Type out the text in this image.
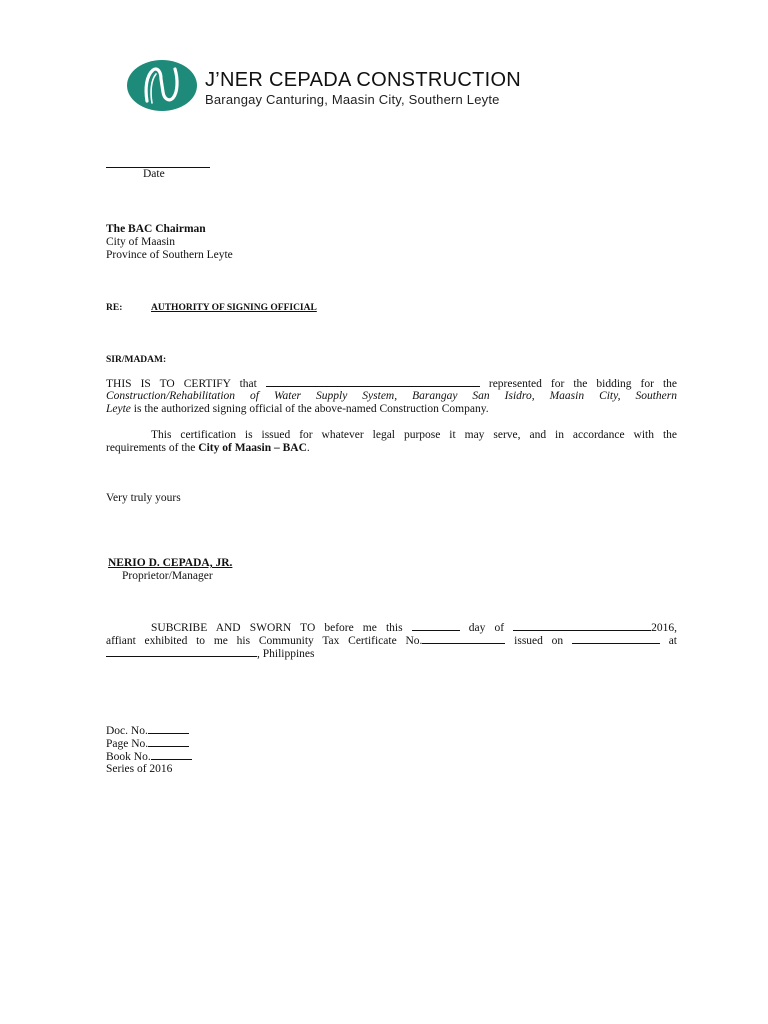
J’NER CEPADA CONSTRUCTION
Barangay Canturing, Maasin City, Southern Leyte
Date
The BAC Chairman
City of Maasin
Province of Southern Leyte
RE:	AUTHORITY OF SIGNING OFFICIAL
SIR/MADAM:
THIS IS TO CERTIFY that	represented for the bidding for the
Construction/Rehabilitation of Water Supply System, Barangay San Isidro, Maasin City, Southern
Leyte is the authorized signing official of the above-named Construction Company.
This certification is issued for whatever legal purpose it may serve, and in accordance with the
requirements of the City of Maasin – BAC.
Very truly yours
NERIO D. CEPADA, JR.
Proprietor/Manager
SUBCRIBE AND SWORN TO before me this	day of	2016,
affiant exhibited to me his Community Tax Certificate No.	issued on	at
, Philippines
Doc. No.
Page No.
Book No.
Series of 2016
